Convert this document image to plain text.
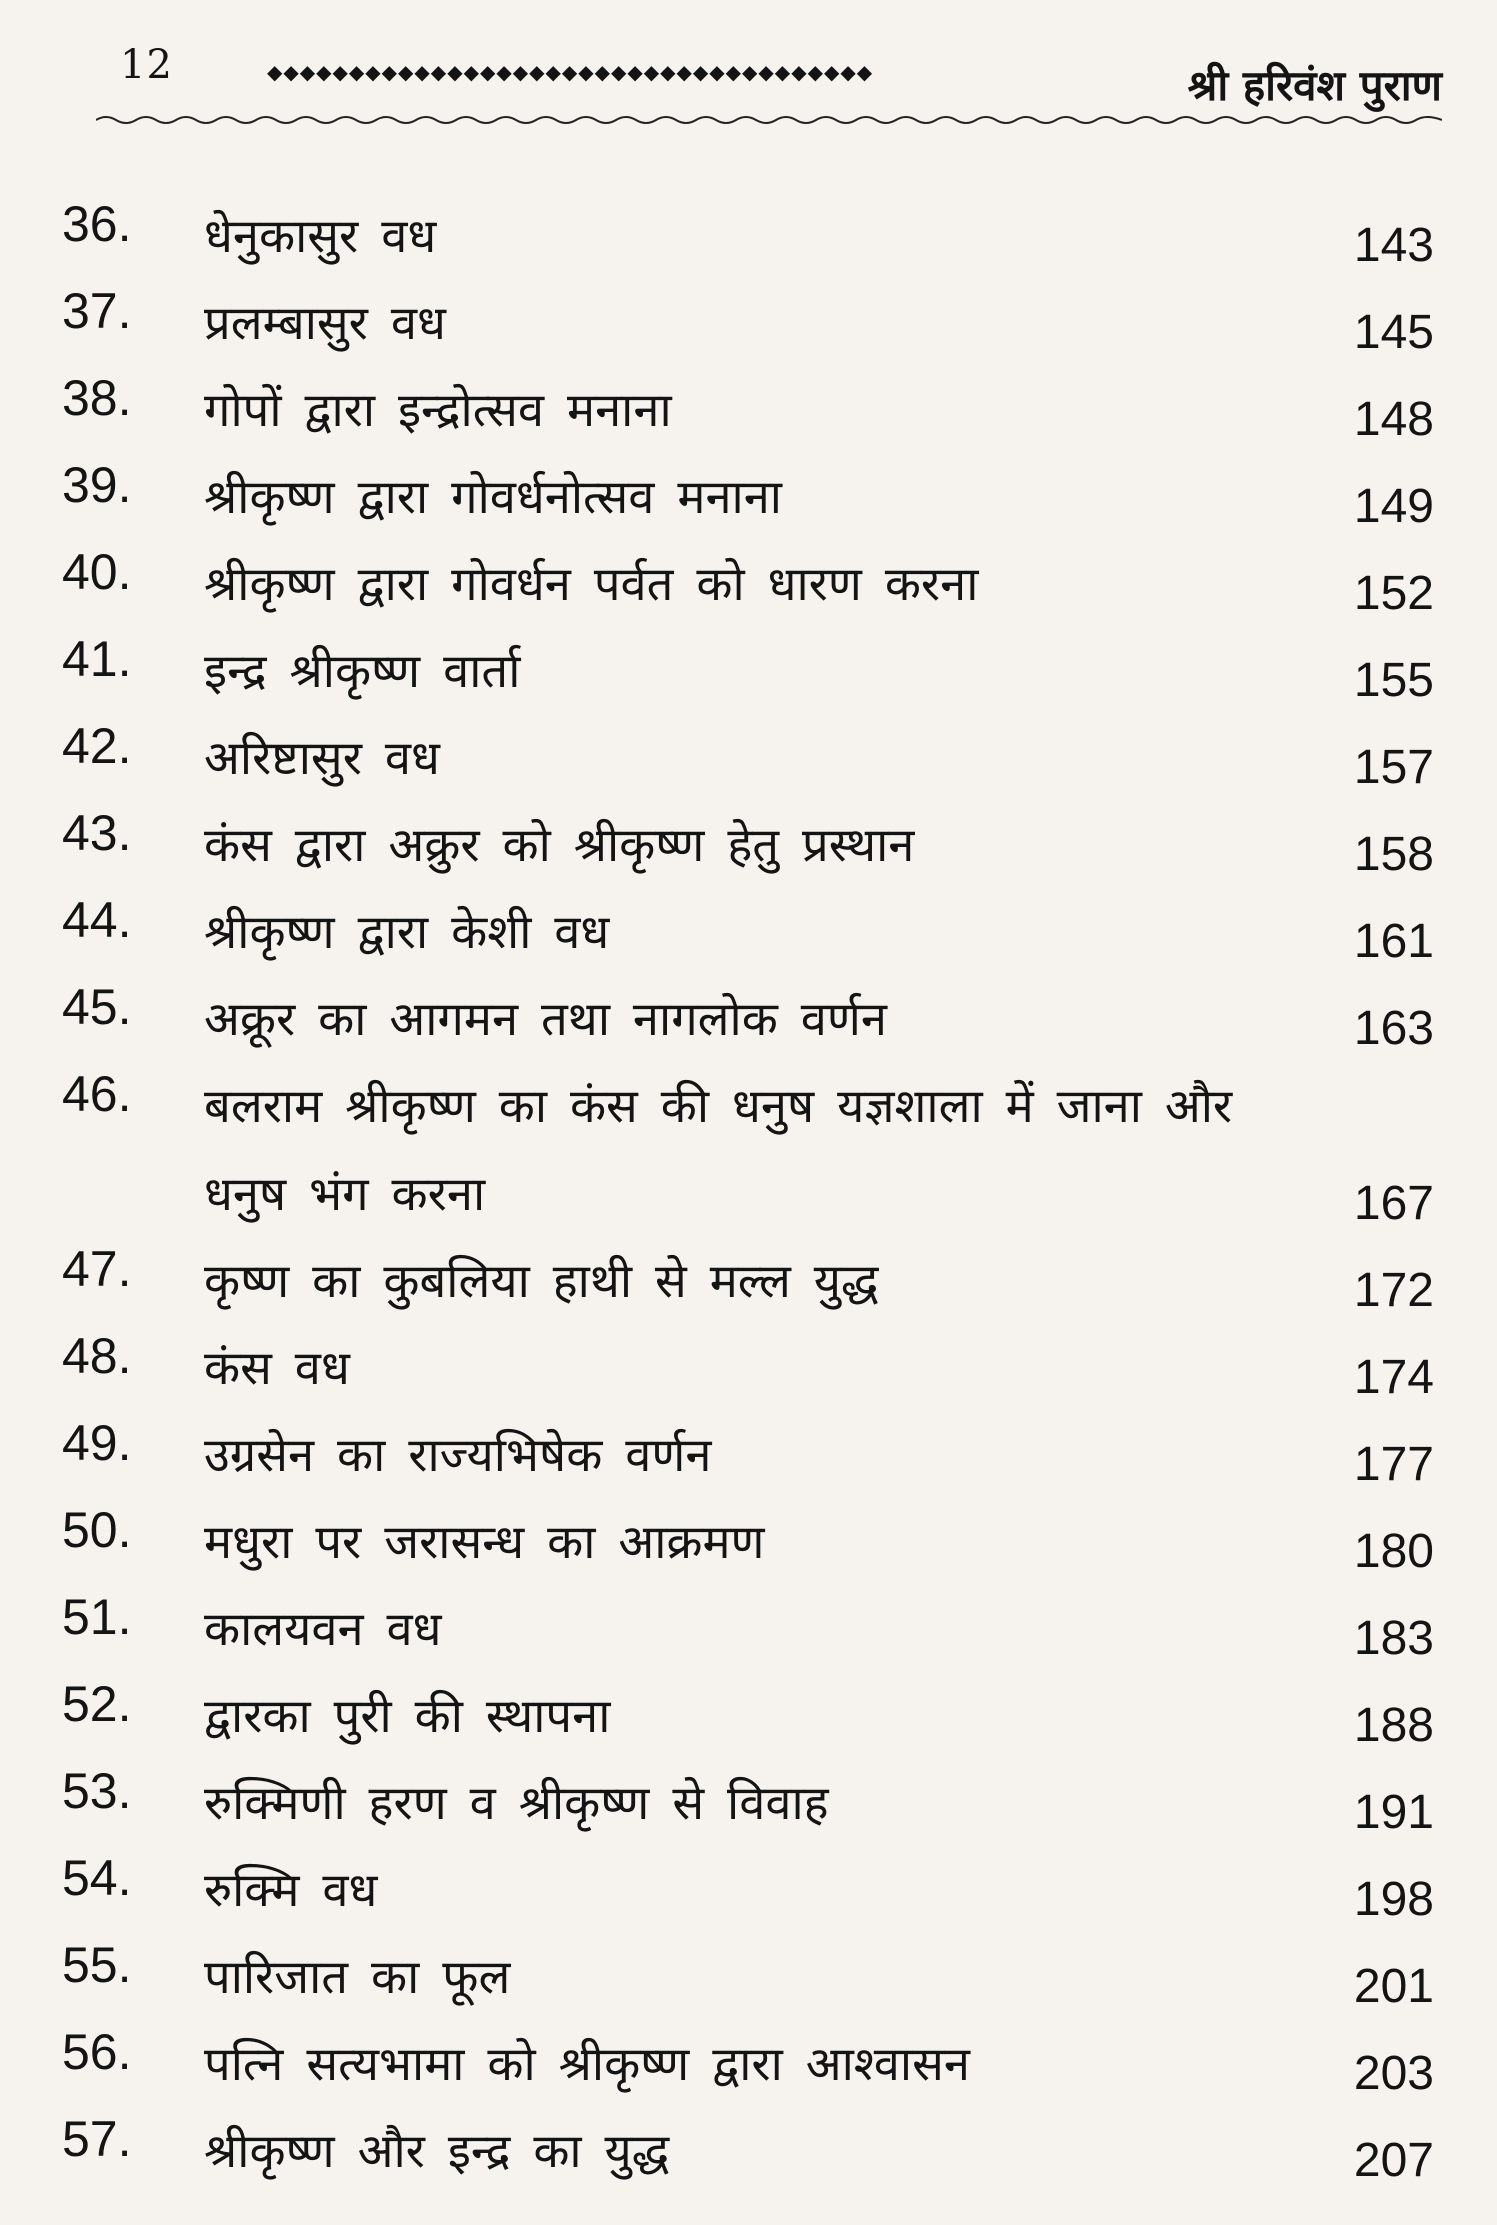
12	◆◆◆◆◆◆◆◆◆◆◆◆◆◆◆◆◆◆◆◆◆◆◆◆◆◆◆◆◆◆◆◆◆◆◆◆◆	श्री हरिवंश पुराण
36.	धेनुकासुर वध	143
37.	प्रलम्बासुर वध	145
38.	गोपों द्वारा इन्द्रोत्सव मनाना	148
39.	श्रीकृष्ण द्वारा गोवर्धनोत्सव मनाना	149
40.	श्रीकृष्ण द्वारा गोवर्धन पर्वत को धारण करना	152
41.	इन्द्र श्रीकृष्ण वार्ता	155
42.	अरिष्टासुर वध	157
43.	कंस द्वारा अक्रुर को श्रीकृष्ण हेतु प्रस्थान	158
44.	श्रीकृष्ण द्वारा केशी वध	161
45.	अक्रूर का आगमन तथा नागलोक वर्णन	163
46.	बलराम श्रीकृष्ण का कंस की धनुष यज्ञशाला में जाना और धनुष भंग करना	167
47.	कृष्ण का कुबलिया हाथी से मल्ल युद्ध	172
48.	कंस वध	174
49.	उग्रसेन का राज्यभिषेक वर्णन	177
50.	मधुरा पर जरासन्ध का आक्रमण	180
51.	कालयवन वध	183
52.	द्वारका पुरी की स्थापना	188
53.	रुक्मिणी हरण व श्रीकृष्ण से विवाह	191
54.	रुक्मि वध	198
55.	पारिजात का फूल	201
56.	पत्नि सत्यभामा को श्रीकृष्ण द्वारा आश्वासन	203
57.	श्रीकृष्ण और इन्द्र का युद्ध	207
